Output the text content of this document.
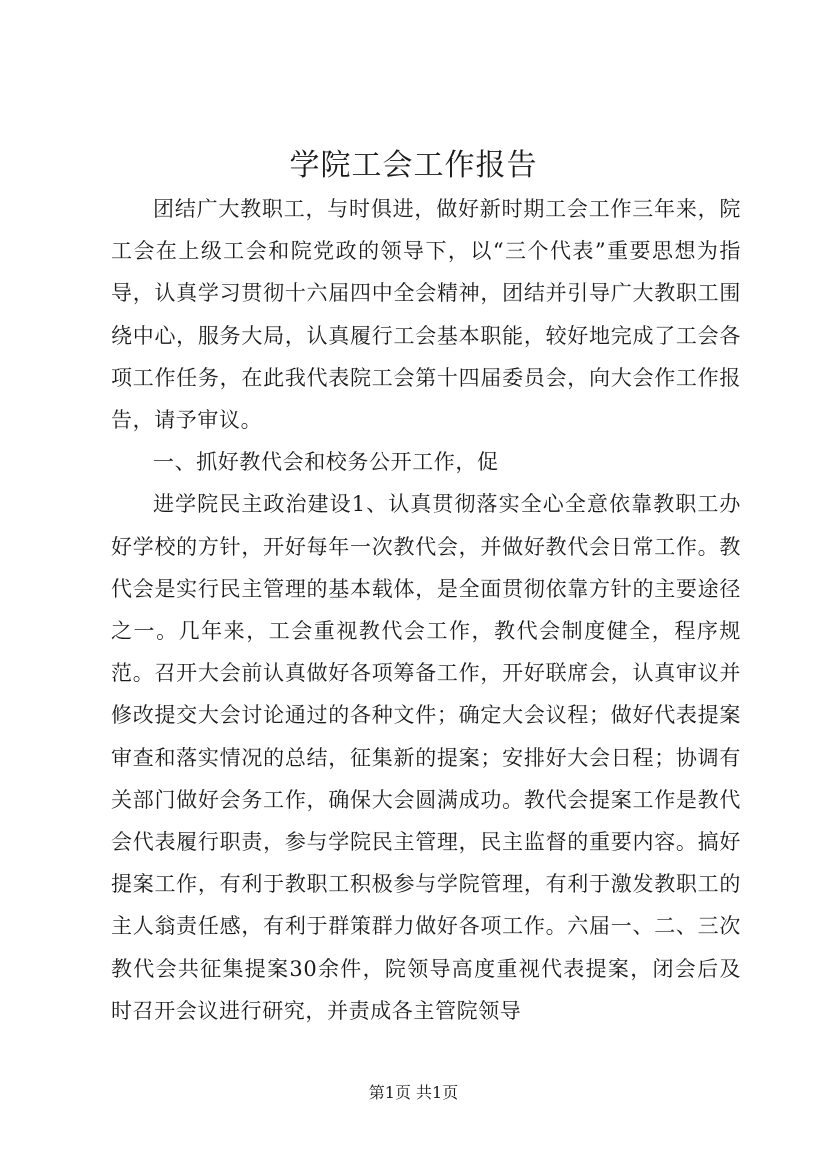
学院工会工作报告

团结广大教职工，与时俱进，做好新时期工会工作三年来，院工会在上级工会和院党政的领导下，以“三个代表”重要思想为指导，认真学习贯彻十六届四中全会精神，团结并引导广大教职工围绕中心，服务大局，认真履行工会基本职能，较好地完成了工会各项工作任务，在此我代表院工会第十四届委员会，向大会作工作报告，请予审议。

一、抓好教代会和校务公开工作，促

进学院民主政治建设1、认真贯彻落实全心全意依靠教职工办好学校的方针，开好每年一次教代会，并做好教代会日常工作。教代会是实行民主管理的基本载体，是全面贯彻依靠方针的主要途径之一。几年来，工会重视教代会工作，教代会制度健全，程序规范。召开大会前认真做好各项筹备工作，开好联席会，认真审议并修改提交大会讨论通过的各种文件；确定大会议程；做好代表提案审查和落实情况的总结，征集新的提案；安排好大会日程；协调有关部门做好会务工作，确保大会圆满成功。教代会提案工作是教代会代表履行职责，参与学院民主管理，民主监督的重要内容。搞好提案工作，有利于教职工积极参与学院管理，有利于激发教职工的主人翁责任感，有利于群策群力做好各项工作。六届一、二、三次教代会共征集提案30余件，院领导高度重视代表提案，闭会后及时召开会议进行研究，并责成各主管院领导

第1页 共1页
